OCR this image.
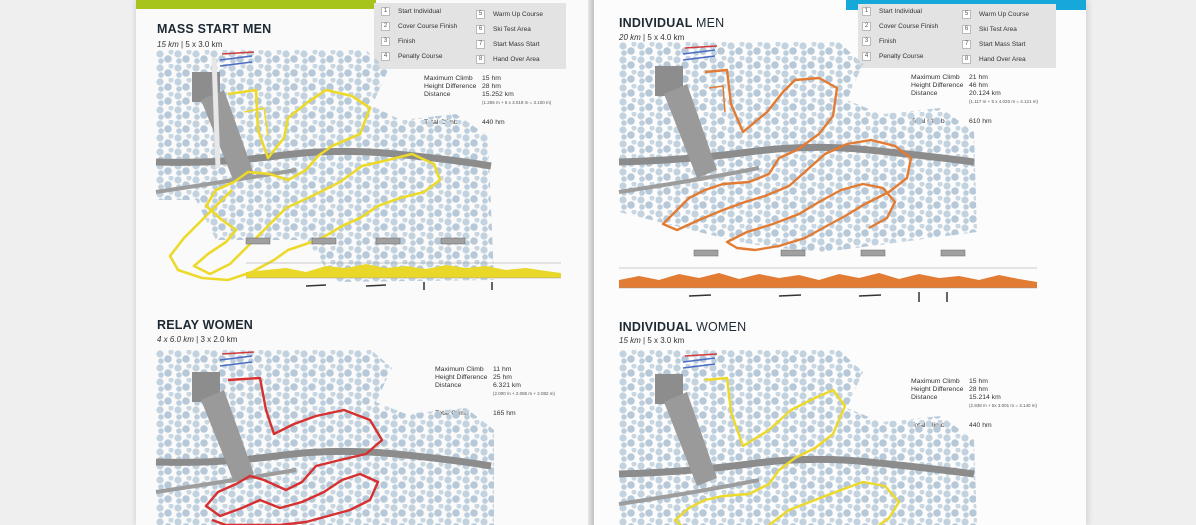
MASS START MEN
15 km | 5 x 3.0 km
1	Start Individual
2	Cover Course Finish
3	Finish
4	Penalty Course
5	Warm Up Course
6	Ski Test Area
7	Start Mass Start
8	Hand Over Area
Maximum Climb	15 hm
Height Difference 28 hm
Distance	15.252 km
(1.256 m + 5 x 3.019 m = 3.100 m)
440 hm
RELAY WOMEN
4 x 6.0 km | 3 x 2.0 km
Maximum Climb	11 hm
Height Difference 25 hm
Distance	6.321 km
(2.000 m + 2.085 m + 2.082 m)
165 hm
INDIVIDUAL MEN
20 km | 5 x 4.0 km
1	Start Individual
2	Cover Course Finish
3	Finish
4	Penalty Course
5	Warm Up Course
6	Ski Test Area
7	Start Mass Start
8	Hand Over Area
Maximum Climb	21 hm
Height Difference 46 hm
Distance	20.124 km
(1.117 m + 5 x 4.020 m = 4.121 m)
610 hm
INDIVIDUAL WOMEN
15 km | 5 x 3.0 km
Maximum Climb	15 hm
Height Difference 28 hm
Distance	15.214 km
(2.938 m + 5x 3.001 m = 3.140 m)
440 hm
